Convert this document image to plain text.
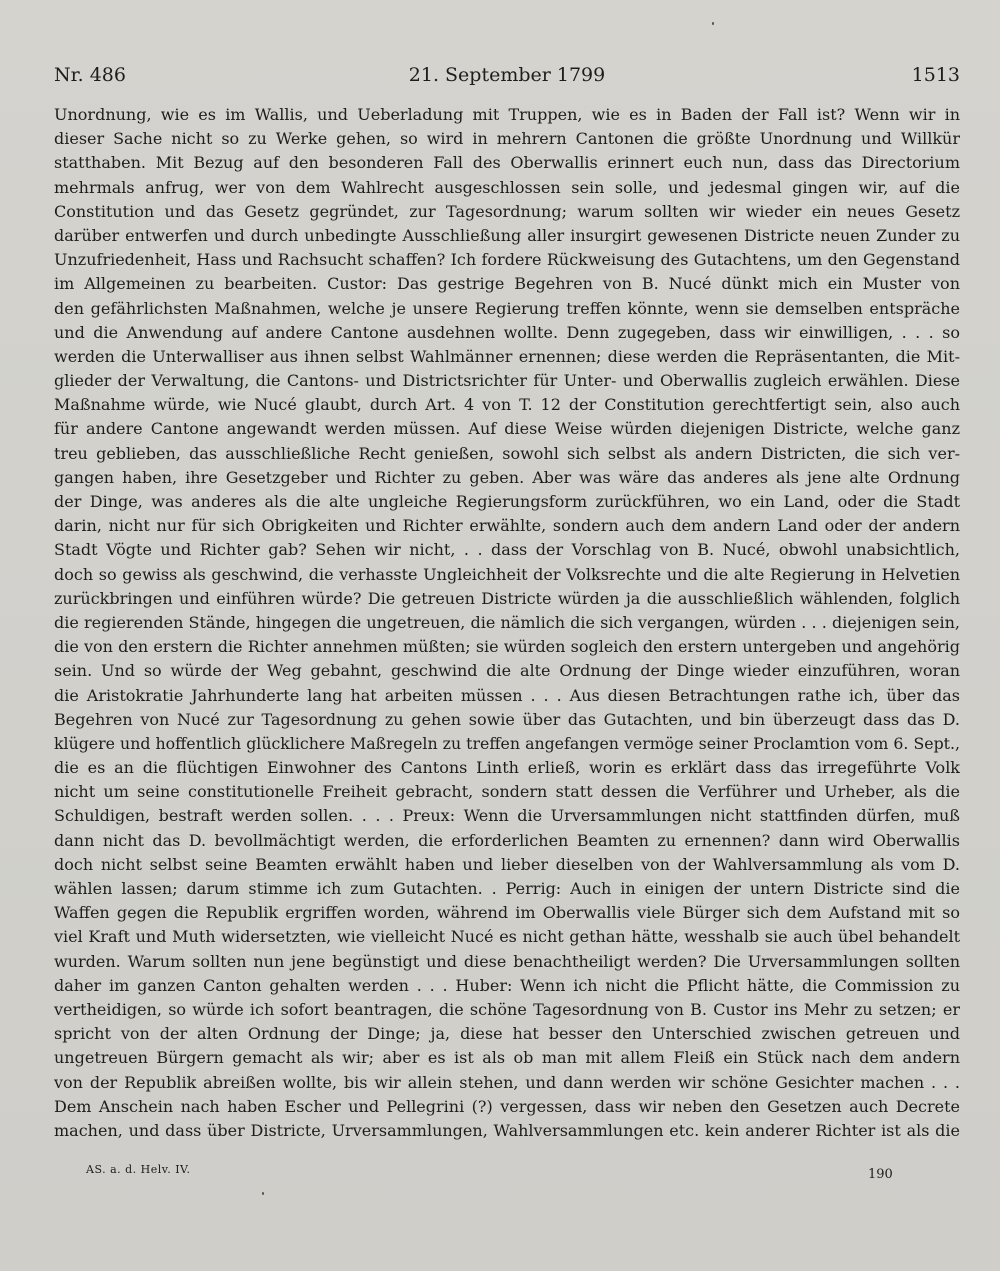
Nr. 486	21. September 1799	1513
Unordnung, wie es im Wallis, und Ueberladung mit Truppen, wie es in Baden der Fall ist? Wenn wir in
dieser Sache nicht so zu Werke gehen, so wird in mehrern Cantonen die größte Unordnung und Willkür
statthaben. Mit Bezug auf den besonderen Fall des Oberwallis erinnert euch nun, dass das Directorium
mehrmals anfrug, wer von dem Wahlrecht ausgeschlossen sein solle, und jedesmal gingen wir, auf die
Constitution und das Gesetz gegründet, zur Tagesordnung; warum sollten wir wieder ein neues Gesetz
darüber entwerfen und durch unbedingte Ausschließung aller insurgirt gewesenen Districte neuen Zunder zu
Unzufriedenheit, Hass und Rachsucht schaffen? Ich fordere Rückweisung des Gutachtens, um den Gegenstand
im Allgemeinen zu bearbeiten. Custor: Das gestrige Begehren von B. Nucé dünkt mich ein Muster von
den gefährlichsten Maßnahmen, welche je unsere Regierung treffen könnte, wenn sie demselben entspräche
und die Anwendung auf andere Cantone ausdehnen wollte. Denn zugegeben, dass wir einwilligen, . . . so
werden die Unterwalliser aus ihnen selbst Wahlmänner ernennen; diese werden die Repräsentanten, die Mit-
glieder der Verwaltung, die Cantons- und Districtsrichter für Unter- und Oberwallis zugleich erwählen. Diese
Maßnahme würde, wie Nucé glaubt, durch Art. 4 von T. 12 der Constitution gerechtfertigt sein, also auch
für andere Cantone angewandt werden müssen. Auf diese Weise würden diejenigen Districte, welche ganz
treu geblieben, das ausschließliche Recht genießen, sowohl sich selbst als andern Districten, die sich ver-
gangen haben, ihre Gesetzgeber und Richter zu geben. Aber was wäre das anderes als jene alte Ordnung
der Dinge, was anderes als die alte ungleiche Regierungsform zurückführen, wo ein Land, oder die Stadt
darin, nicht nur für sich Obrigkeiten und Richter erwählte, sondern auch dem andern Land oder der andern
Stadt Vögte und Richter gab? Sehen wir nicht, . . dass der Vorschlag von B. Nucé, obwohl unabsichtlich,
doch so gewiss als geschwind, die verhasste Ungleichheit der Volksrechte und die alte Regierung in Helvetien
zurückbringen und einführen würde? Die getreuen Districte würden ja die ausschließlich wählenden, folglich
die regierenden Stände, hingegen die ungetreuen, die nämlich die sich vergangen, würden . . . diejenigen sein,
die von den erstern die Richter annehmen müßten; sie würden sogleich den erstern untergeben und angehörig
sein. Und so würde der Weg gebahnt, geschwind die alte Ordnung der Dinge wieder einzuführen, woran
die Aristokratie Jahrhunderte lang hat arbeiten müssen . . . Aus diesen Betrachtungen rathe ich, über das
Begehren von Nucé zur Tagesordnung zu gehen sowie über das Gutachten, und bin überzeugt dass das D.
klügere und hoffentlich glücklichere Maßregeln zu treffen angefangen vermöge seiner Proclamtion vom 6. Sept.,
die es an die flüchtigen Einwohner des Cantons Linth erließ, worin es erklärt dass das irregeführte Volk
nicht um seine constitutionelle Freiheit gebracht, sondern statt dessen die Verführer und Urheber, als die
Schuldigen, bestraft werden sollen. . . . Preux: Wenn die Urversammlungen nicht stattfinden dürfen, muß
dann nicht das D. bevollmächtigt werden, die erforderlichen Beamten zu ernennen? dann wird Oberwallis
doch nicht selbst seine Beamten erwählt haben und lieber dieselben von der Wahlversammlung als vom D.
wählen lassen; darum stimme ich zum Gutachten. . Perrig: Auch in einigen der untern Districte sind die
Waffen gegen die Republik ergriffen worden, während im Oberwallis viele Bürger sich dem Aufstand mit so
viel Kraft und Muth widersetzten, wie vielleicht Nucé es nicht gethan hätte, wesshalb sie auch übel behandelt
wurden. Warum sollten nun jene begünstigt und diese benachtheiligt werden? Die Urversammlungen sollten
daher im ganzen Canton gehalten werden . . . Huber: Wenn ich nicht die Pflicht hätte, die Commission zu
vertheidigen, so würde ich sofort beantragen, die schöne Tagesordnung von B. Custor ins Mehr zu setzen; er
spricht von der alten Ordnung der Dinge; ja, diese hat besser den Unterschied zwischen getreuen und
ungetreuen Bürgern gemacht als wir; aber es ist als ob man mit allem Fleiß ein Stück nach dem andern
von der Republik abreißen wollte, bis wir allein stehen, und dann werden wir schöne Gesichter machen . . .
Dem Anschein nach haben Escher und Pellegrini (?) vergessen, dass wir neben den Gesetzen auch Decrete
machen, und dass über Districte, Urversammlungen, Wahlversammlungen etc. kein anderer Richter ist als die
AS. a. d. Helv. IV.	190
